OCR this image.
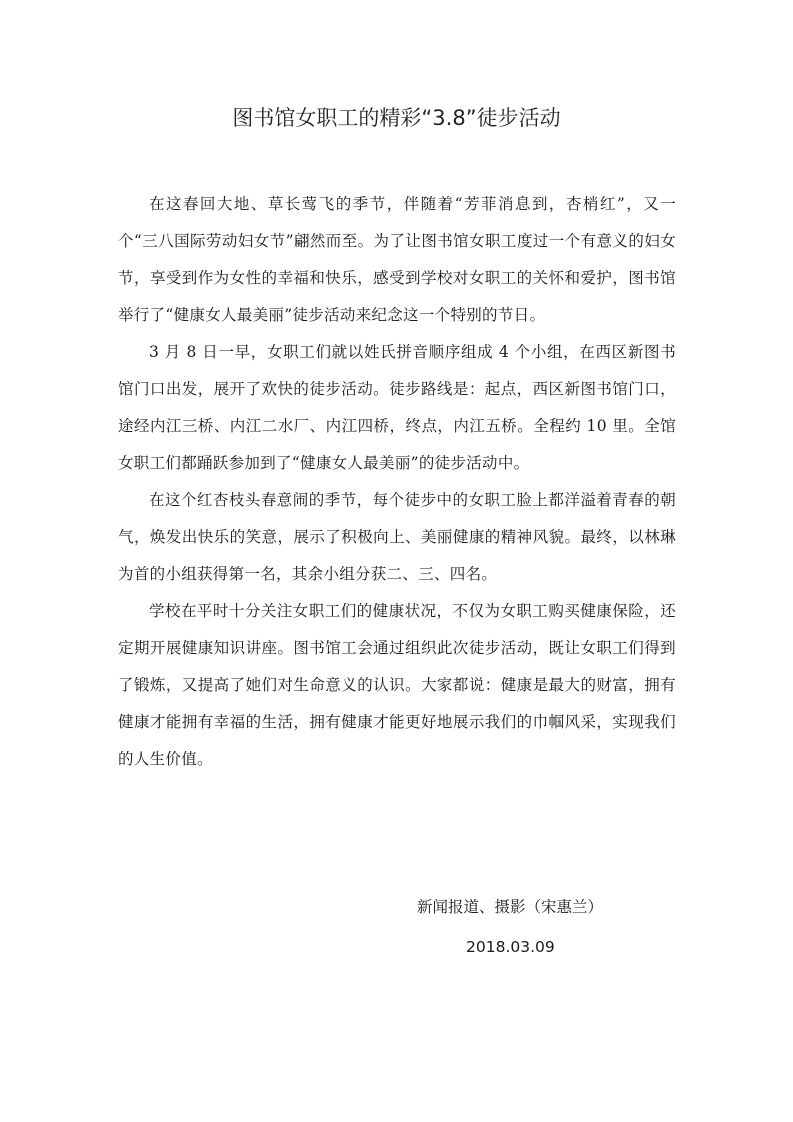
图书馆女职工的精彩“3.8”徒步活动

在这春回大地、草长莺飞的季节，伴随着“芳菲消息到，杏梢红”，又一个“三八国际劳动妇女节”翩然而至。为了让图书馆女职工度过一个有意义的妇女节，享受到作为女性的幸福和快乐，感受到学校对女职工的关怀和爱护，图书馆举行了“健康女人最美丽”徒步活动来纪念这一个特别的节日。

3 月 8 日一早，女职工们就以姓氏拼音顺序组成 4 个小组，在西区新图书馆门口出发，展开了欢快的徒步活动。徒步路线是：起点，西区新图书馆门口，途经内江三桥、内江二水厂、内江四桥，终点，内江五桥。全程约 10 里。全馆女职工们都踊跃参加到了“健康女人最美丽”的徒步活动中。

在这个红杏枝头春意闹的季节，每个徒步中的女职工脸上都洋溢着青春的朝气，焕发出快乐的笑意，展示了积极向上、美丽健康的精神风貌。最终，以林琳为首的小组获得第一名，其余小组分获二、三、四名。

学校在平时十分关注女职工们的健康状况，不仅为女职工购买健康保险，还定期开展健康知识讲座。图书馆工会通过组织此次徒步活动，既让女职工们得到了锻炼，又提高了她们对生命意义的认识。大家都说：健康是最大的财富，拥有健康才能拥有幸福的生活，拥有健康才能更好地展示我们的巾帼风采，实现我们的人生价值。

新闻报道、摄影（宋惠兰）
2018.03.09
